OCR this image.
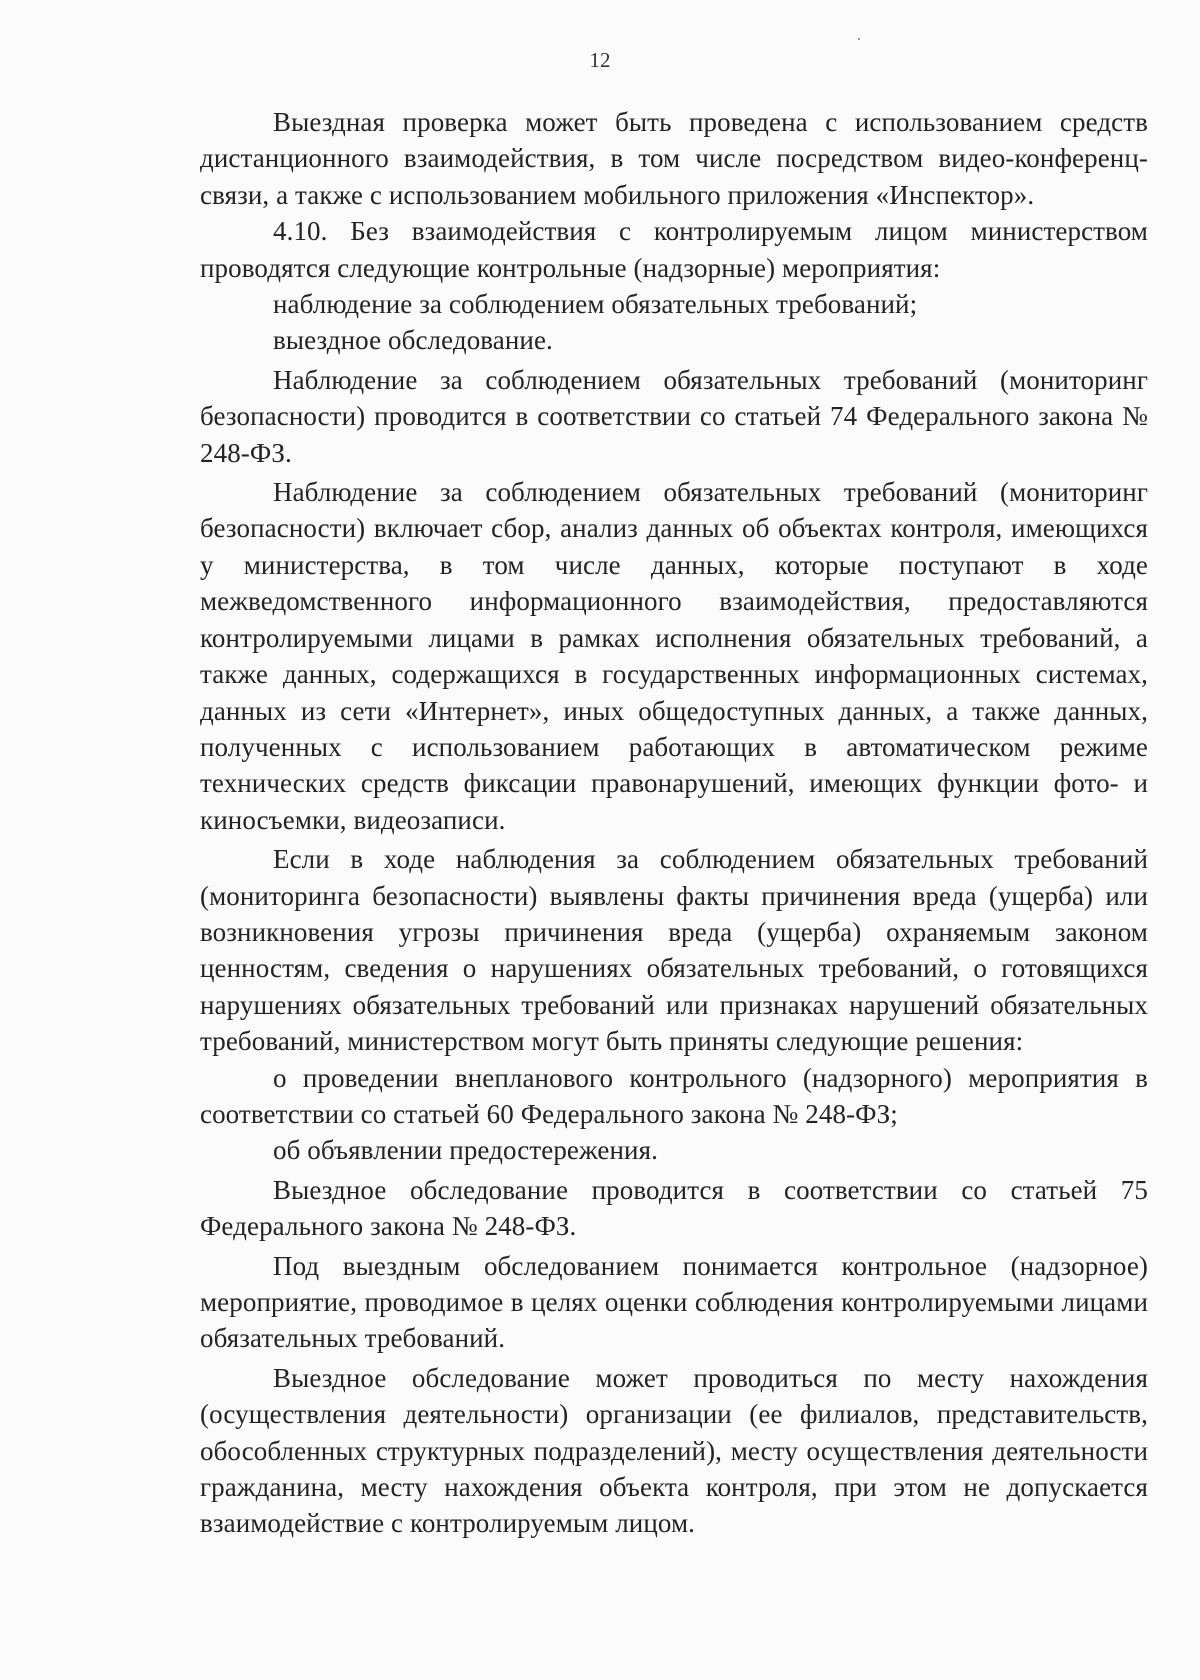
12

Выездная проверка может быть проведена с использованием средств дистанционного взаимодействия, в том числе посредством видео-конференц-связи, а также с использованием мобильного приложения «Инспектор».

4.10. Без взаимодействия с контролируемым лицом министерством проводятся следующие контрольные (надзорные) мероприятия:

наблюдение за соблюдением обязательных требований;

выездное обследование.

Наблюдение за соблюдением обязательных требований (мониторинг безопасности) проводится в соответствии со статьей 74 Федерального закона № 248-ФЗ.

Наблюдение за соблюдением обязательных требований (мониторинг безопасности) включает сбор, анализ данных об объектах контроля, имеющихся у министерства, в том числе данных, которые поступают в ходе межведомственного информационного взаимодействия, предоставляются контролируемыми лицами в рамках исполнения обязательных требований, а также данных, содержащихся в государственных информационных системах, данных из сети «Интернет», иных общедоступных данных, а также данных, полученных с использованием работающих в автоматическом режиме технических средств фиксации правонарушений, имеющих функции фото- и киносъемки, видеозаписи.

Если в ходе наблюдения за соблюдением обязательных требований (мониторинга безопасности) выявлены факты причинения вреда (ущерба) или возникновения угрозы причинения вреда (ущерба) охраняемым законом ценностям, сведения о нарушениях обязательных требований, о готовящихся нарушениях обязательных требований или признаках нарушений обязательных требований, министерством могут быть приняты следующие решения:

о проведении внепланового контрольного (надзорного) мероприятия в соответствии со статьей 60 Федерального закона № 248-ФЗ;

об объявлении предостережения.

Выездное обследование проводится в соответствии со статьей 75 Федерального закона № 248-ФЗ.

Под выездным обследованием понимается контрольное (надзорное) мероприятие, проводимое в целях оценки соблюдения контролируемыми лицами обязательных требований.

Выездное обследование может проводиться по месту нахождения (осуществления деятельности) организации (ее филиалов, представительств, обособленных структурных подразделений), месту осуществления деятельности гражданина, месту нахождения объекта контроля, при этом не допускается взаимодействие с контролируемым лицом.
